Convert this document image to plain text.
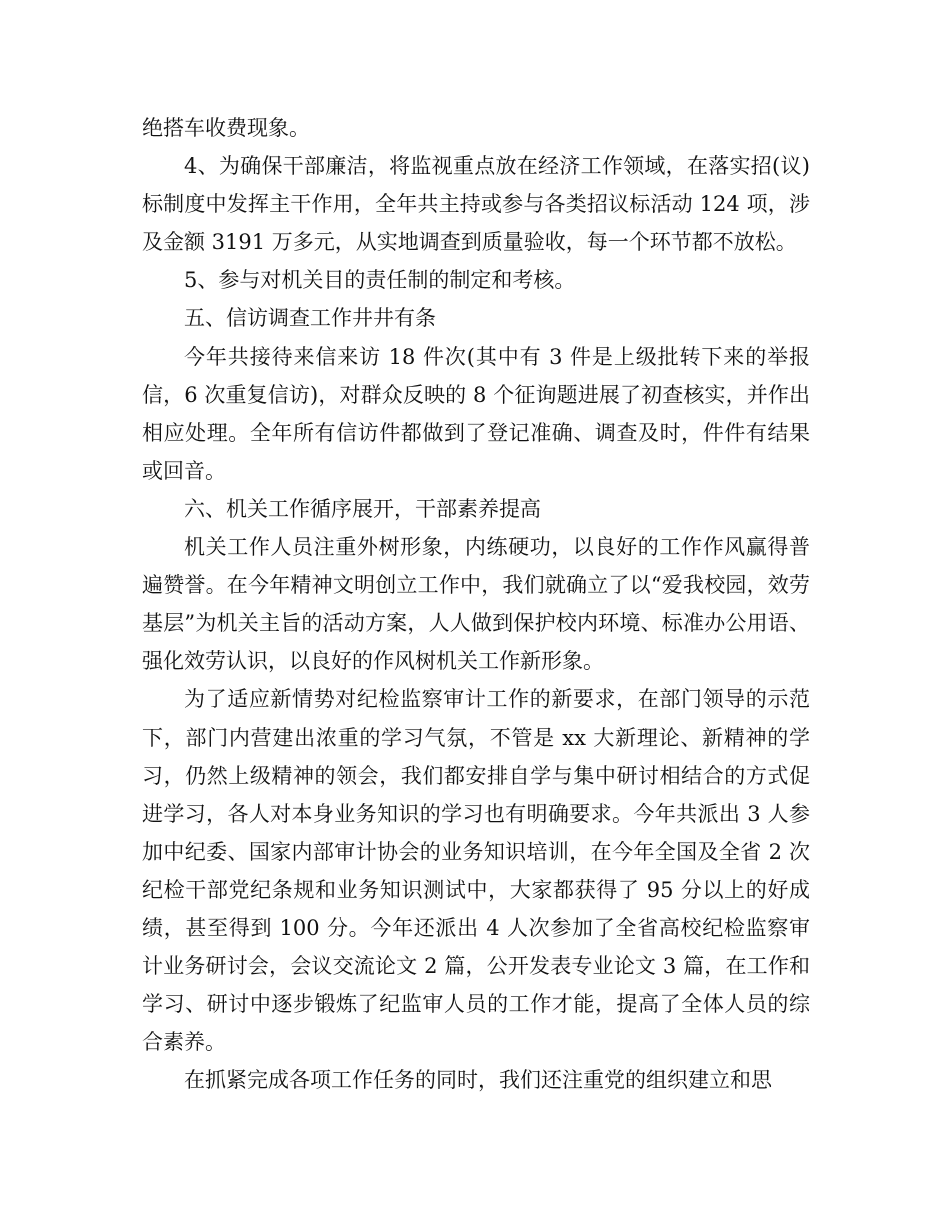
绝搭车收费现象。

4、为确保干部廉洁，将监视重点放在经济工作领域，在落实招(议)标制度中发挥主干作用，全年共主持或参与各类招议标活动 124 项，涉及金额 3191 万多元，从实地调查到质量验收，每一个环节都不放松。

5、参与对机关目的责任制的制定和考核。

五、信访调查工作井井有条

今年共接待来信来访 18 件次(其中有 3 件是上级批转下来的举报信，6 次重复信访)，对群众反映的 8 个征询题进展了初查核实，并作出相应处理。全年所有信访件都做到了登记准确、调查及时，件件有结果或回音。

六、机关工作循序展开，干部素养提高

机关工作人员注重外树形象，内练硬功，以良好的工作作风赢得普遍赞誉。在今年精神文明创立工作中，我们就确立了以“爱我校园，效劳基层”为机关主旨的活动方案，人人做到保护校内环境、标准办公用语、强化效劳认识，以良好的作风树机关工作新形象。

为了适应新情势对纪检监察审计工作的新要求，在部门领导的示范下，部门内营建出浓重的学习气氛，不管是 xx 大新理论、新精神的学习，仍然上级精神的领会，我们都安排自学与集中研讨相结合的方式促进学习，各人对本身业务知识的学习也有明确要求。今年共派出 3 人参加中纪委、国家内部审计协会的业务知识培训，在今年全国及全省 2 次纪检干部党纪条规和业务知识测试中，大家都获得了 95 分以上的好成绩，甚至得到 100 分。今年还派出 4 人次参加了全省高校纪检监察审计业务研讨会，会议交流论文 2 篇，公开发表专业论文 3 篇，在工作和学习、研讨中逐步锻炼了纪监审人员的工作才能，提高了全体人员的综合素养。

在抓紧完成各项工作任务的同时，我们还注重党的组织建立和思
